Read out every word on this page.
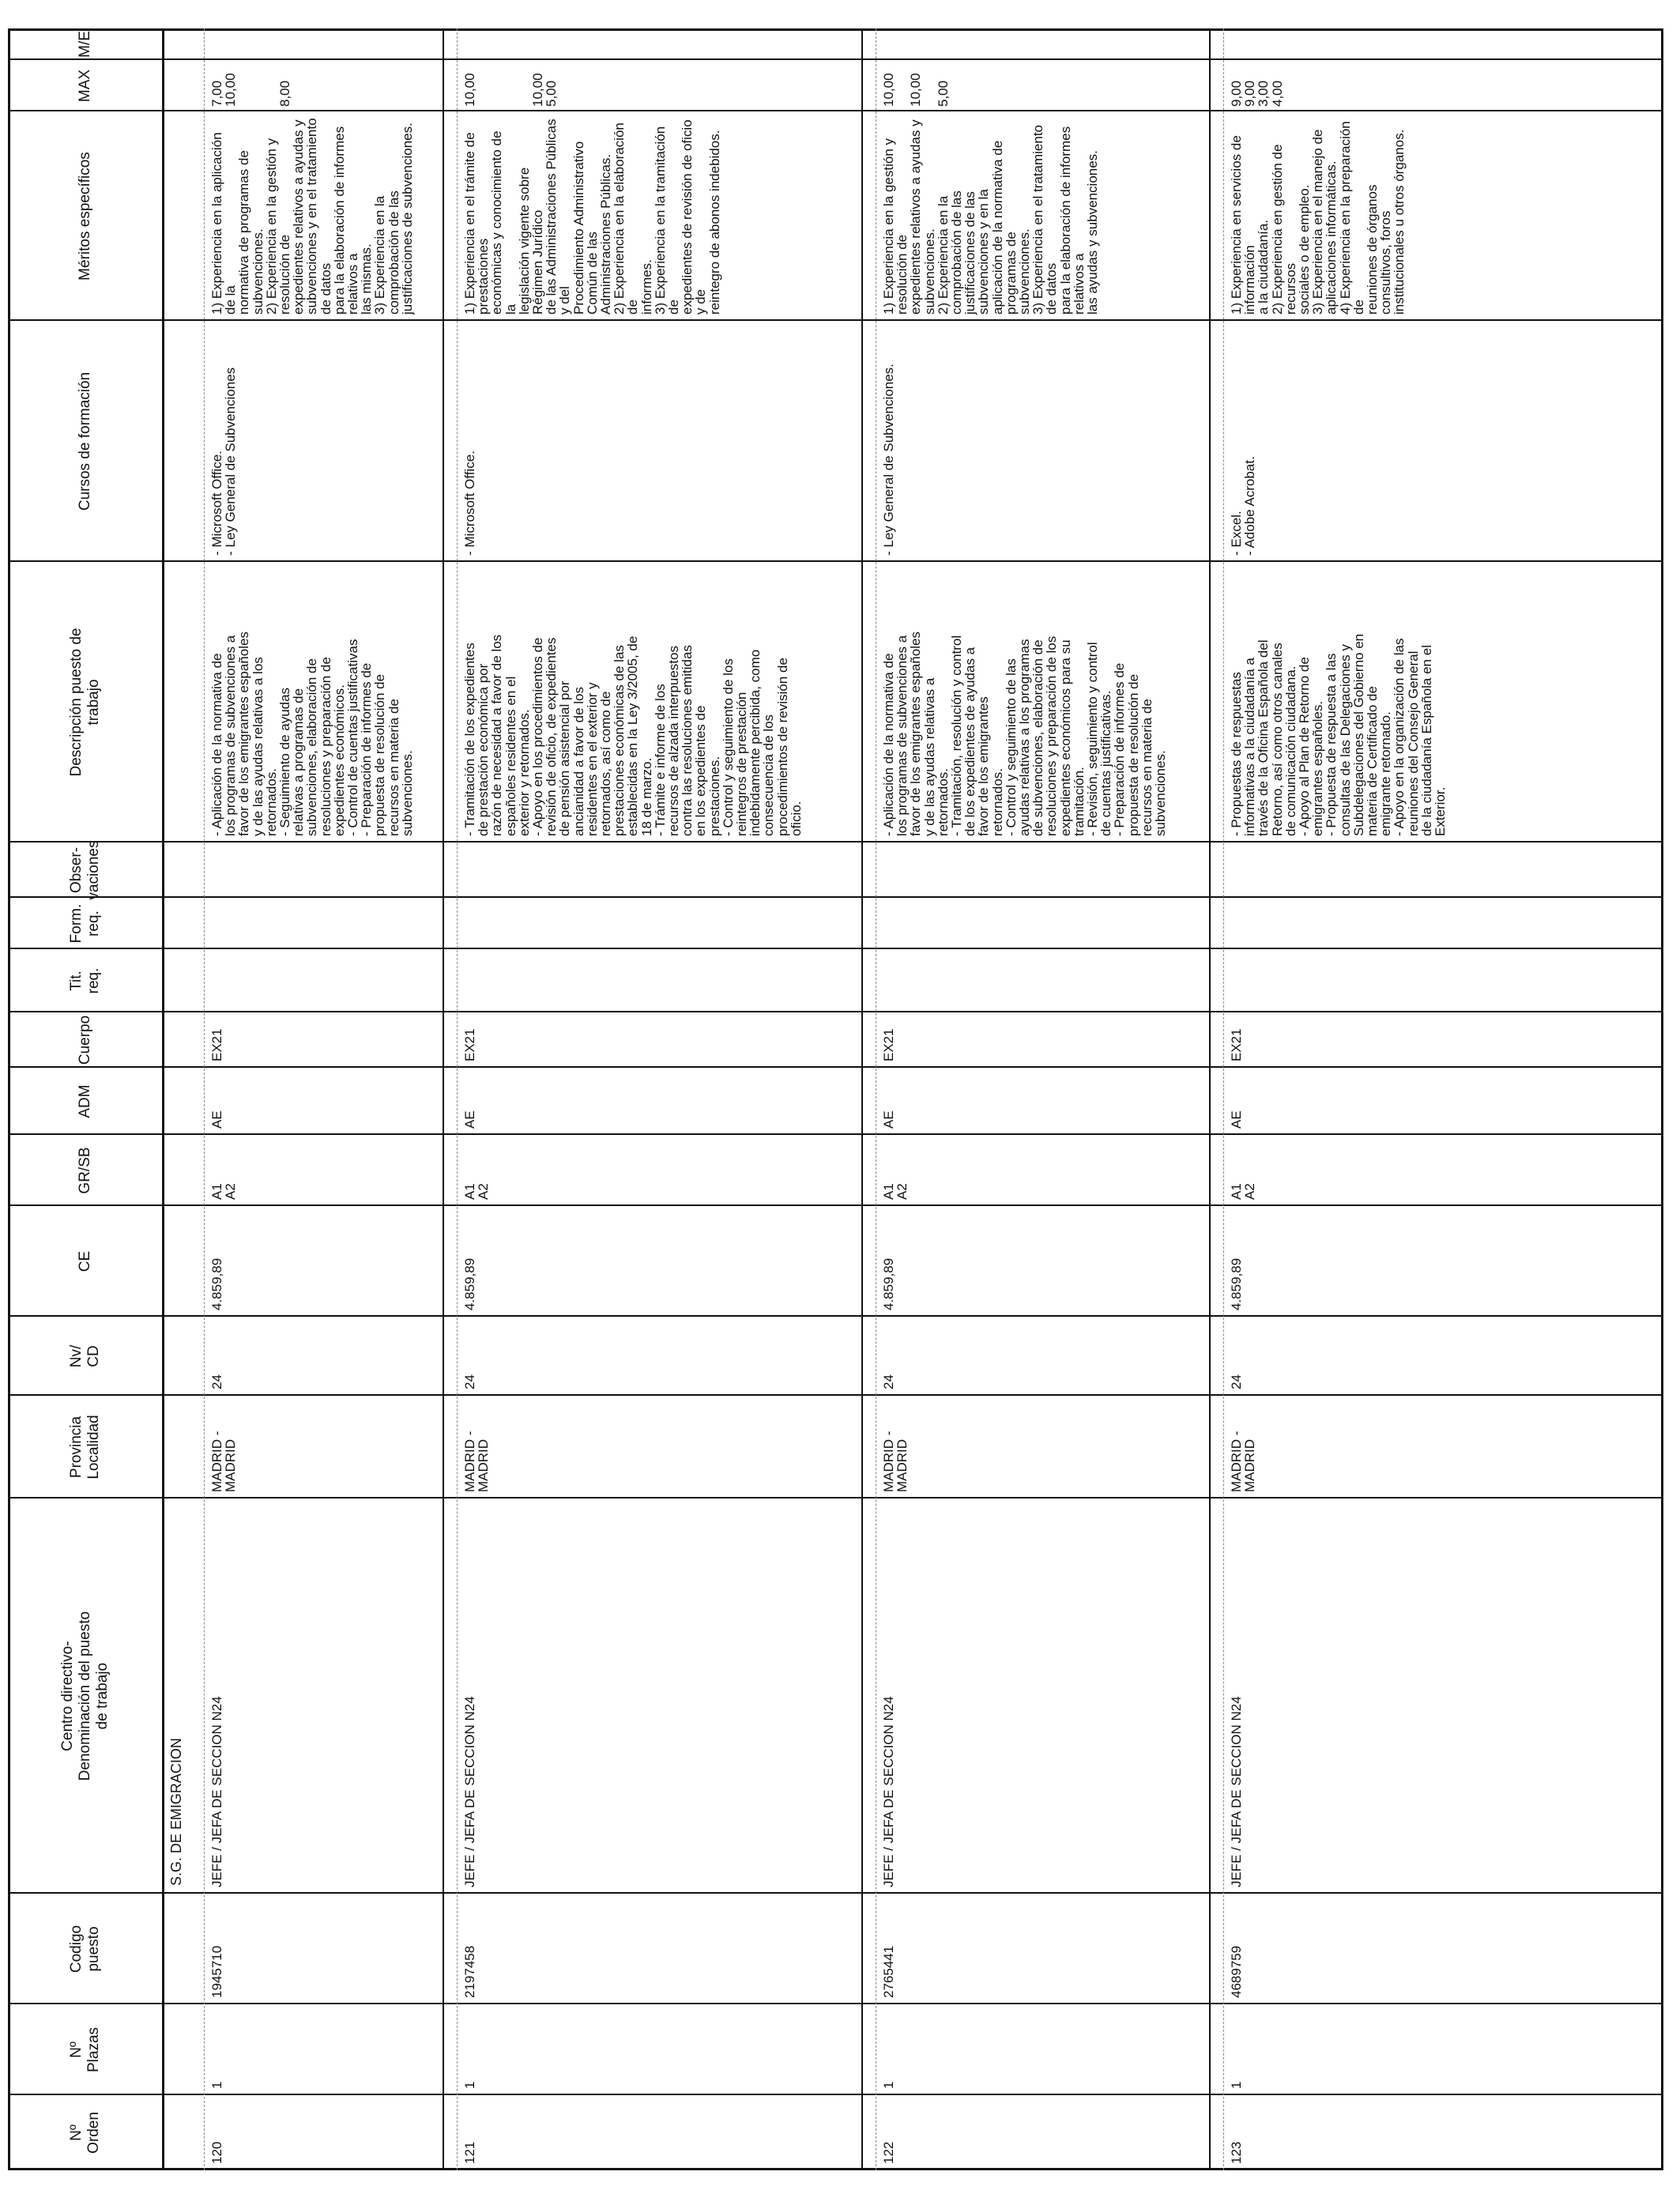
Nº
Orden
Nº
Plazas
Codigo
puesto
Centro directivo-
Denominación del puesto
de trabajo
Provincia
Localidad
Nv/
CD
CE
GR/SB
ADM
Cuerpo
Tit.
req.
Form.
req.
Obser-
vaciones
Descripción puesto de
trabajo
Cursos de formación
Méritos específicos
MAX
M/E
S.G. DE EMIGRACION
120
1
1945710
JEFE / JEFA DE SECCION N24
MADRID -
MADRID
24
4.859,89
A1
A2
AE
EX21
- Aplicación de la normativa de
los programas de subvenciones a
favor de los emigrantes españoles
y de las ayudas relativas a los
retornados.
- Seguimiento de ayudas
relativas a programas de
subvenciones, elaboración de
resoluciones y preparación de
expedientes económicos.
- Control de cuentas justificativas
- Preparación de informes de
propuesta de resolución de
recursos en materia de
subvenciones.
- Microsoft Office.
- Ley General de Subvenciones
1) Experiencia en la aplicación de la
normativa de programas de subvenciones.
2) Experiencia en la gestión y resolución de
expedientes relativos a ayudas y
subvenciones y en el tratamiento de datos
para la elaboración de informes relativos a
las mismas.
3) Experiencia en la comprobación de las
justificaciones de subvenciones.
7,00
10,00

8,00
121
1
2197458
JEFE / JEFA DE SECCION N24
MADRID -
MADRID
24
4.859,89
A1
A2
AE
EX21
- Tramitación de los expedientes
de prestación económica por
razón de necesidad a favor de los
españoles residentes en el
exterior y retornados.
- Apoyo en los procedimientos de
revisión de oficio, de expedientes
de pensión asistencial por
ancianidad a favor de los
residentes en el exterior y
retornados, así como de
prestaciones económicas de las
establecidas en la Ley 3/2005, de
18 de marzo.
- Trámite e informe de los
recursos de alzada interpuestos
contra las resoluciones emitidas
en los expedientes de
prestaciones.
- Control y seguimiento de los
reintegros de prestación
indebidamente percibida, como
consecuencia de los
procedimientos de revisión de
oficio.
- Microsoft Office.
1) Experiencia en el trámite de prestaciones
económicas y conocimiento de la
legislación vigente sobre Régimen Jurídico
de las Administraciones Públicas y del
Procedimiento Administrativo Común de las
Administraciones Públicas.
2) Experiencia en la elaboración de
informes.
3) Experiencia en la tramitación de
expedientes de revisión de oficio y de
reintegro de abonos indebidos.
10,00

10,00
5,00
122
1
2765441
JEFE / JEFA DE SECCION N24
MADRID -
MADRID
24
4.859,89
A1
A2
AE
EX21
- Aplicación de la normativa de
los programas de subvenciones a
favor de los emigrantes españoles
y de las ayudas relativas a
retornados.
- Tramitación, resolución y control
de los expedientes de ayudas a
favor de los emigrantes
retornados.
- Control y seguimiento de las
ayudas relativas a los programas
de subvenciones, elaboración de
resoluciones y preparación de los
expedientes económicos para su
tramitación.
- Revisión, seguimiento y control
de cuentas justificativas.
- Preparación de informes de
propuesta de resolución de
recursos en materia de
subvenciones.
- Ley General de Subvenciones.
1) Experiencia en la gestión y resolución de
expedientes relativos a ayudas y
subvenciones.
2) Experiencia en la comprobación de las
justificaciones de las subvenciones y en la
aplicación de la normativa de programas de
subvenciones.
3) Experiencia en el tratamiento de datos
para la elaboración de informes relativos a
las ayudas y subvenciones.
10,00

10,00

5,00
123
1
4689759
JEFE / JEFA DE SECCION N24
MADRID -
MADRID
24
4.859,89
A1
A2
AE
EX21
- Propuestas de respuestas
informativas a la ciudadanía a
través de la Oficina Española del
Retorno, así como otros canales
de comunicación ciudadana.
- Apoyo al Plan de Retorno de
emigrantes españoles.
- Propuesta de respuesta a las
consultas de las Delegaciones y
Subdelegaciones del Gobierno en
materia de Certificado de
emigrante retornado.
- Apoyo en la organización de las
reuniones del Consejo General
de la ciudadanía Española en el
Exterior.
- Excel.
- Adobe Acrobat.
1) Experiencia en servicios de información
a la ciudadanía.
2) Experiencia en gestión de recursos
sociales o de empleo.
3) Experiencia en el manejo de
aplicaciones informáticas.
4) Experiencia en la preparación de
reuniones de órganos consultivos, foros
institucionales u otros órganos.
9,00
9,00
3,00
4,00
